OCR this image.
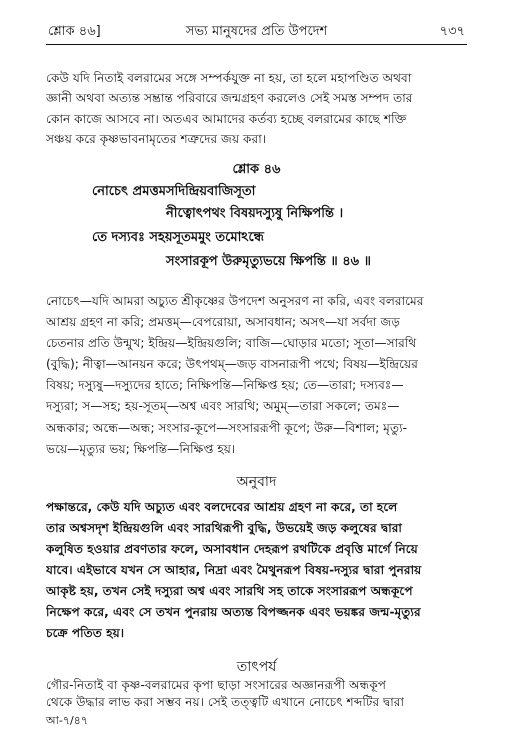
শ্লোক ৪৬]	সভ্য মানুষদের প্রতি উপদেশ	৭৩৭
কেউ যদি নিতাই বলরামের সঙ্গে সম্পর্কযুক্ত না হয়, তা হলে মহাপণ্ডিত অথবা
জ্ঞানী অথবা অত্যন্ত সম্ভ্রান্ত পরিবারে জন্মগ্রহণ করলেও সেই সমস্ত সম্পদ তার
কোন কাজে আসবে না। অতএব আমাদের কর্তব্য হচ্ছে বলরামের কাছে শক্তি
সঞ্চয় করে কৃষ্ণভাবনামৃতের শত্রুদের জয় করা।
শ্লোক ৪৬
নোচেৎ প্রমত্তমসদিন্দ্রিয়বাজিসূতা
নীত্বোৎপথং বিষয়দস্যুষু নিক্ষিপন্তি ।
তে দস্যবঃ সহয়সূতমমুং তমোঽন্ধে
সংসারকূপ উরুমৃত্যুভয়ে ক্ষিপন্তি ॥ ৪৬ ॥
নোচেৎ—যদি আমরা অচ্যুত শ্রীকৃষ্ণের উপদেশ অনুসরণ না করি, এবং বলরামের
আশ্রয় গ্রহণ না করি; প্রমত্তম্—বেপরোয়া, অসাবধান; অসৎ—যা সর্বদা জড়
চেতনার প্রতি উন্মুখ; ইন্দ্রিয়—ইন্দ্রিয়গুলি; বাজি—ঘোড়ার মতো; সূতা—সারথি
(বুদ্ধি); নীত্বা—আনয়ন করে; উৎপথম্—জড় বাসনারূপী পথে; বিষয়—ইন্দ্রিয়ের
বিষয়; দস্যুষু—দস্যুদের হাতে; নিক্ষিপন্তি—নিক্ষিপ্ত হয়; তে—তারা; দস্যবঃ—
দস্যুরা; স—সহ; হয়-সূতম্—অশ্ব এবং সারথি; অমুম্—তারা সকলে; তমঃ—
অন্ধকার; অন্ধে—অন্ধ; সংসার-কূপে—সংসাররূপী কূপে; উরু—বিশাল; মৃত্যু-
ভয়ে—মৃত্যুর ভয়; ক্ষিপন্তি—নিক্ষিপ্ত হয়।
অনুবাদ
পক্ষান্তরে, কেউ যদি অচ্যুত এবং বলদেবের আশ্রয় গ্রহণ না করে, তা হলে
তার অশ্বসদৃশ ইন্দ্রিয়গুলি এবং সারথিরূপী বুদ্ধি, উভয়েই জড় কলুষের দ্বারা
কলুষিত হওয়ার প্রবণতার ফলে, অসাবধান দেহরূপ রথটিকে প্রবৃত্তি মার্গে নিয়ে
যাবে। এইভাবে যখন সে আহার, নিদ্রা এবং মৈথুনরূপ বিষয়-দস্যুর দ্বারা পুনরায়
আকৃষ্ট হয়, তখন সেই দস্যুরা অশ্ব এবং সারথি সহ তাকে সংসাররূপ অন্ধকূপে
নিক্ষেপ করে, এবং সে তখন পুনরায় অত্যন্ত বিপজ্জনক এবং ভয়ঙ্কর জন্ম-মৃত্যুর
চক্রে পতিত হয়।
তাৎপর্য
গৌর-নিতাই বা কৃষ্ণ-বলরামের কৃপা ছাড়া সংসারের অজ্ঞানরূপী অন্ধকূপ
থেকে উদ্ধার লাভ করা সম্ভব নয়। সেই তত্ত্বটি এখানে নোচেৎ শব্দটির দ্বারা
আ-৭/৪৭
